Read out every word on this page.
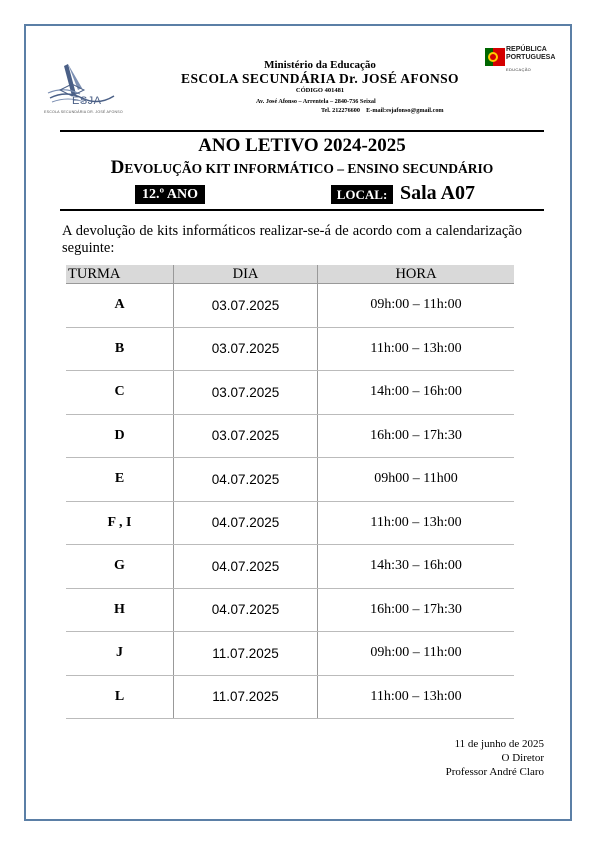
ESJA
ESCOLA SECUNDÁRIA DR. JOSÉ AFONSO
Ministério da Educação
ESCOLA SECUNDÁRIA Dr. JOSÉ AFONSO
CÓDIGO 401481
Av. José Afonso – Arrentela – 2840-736 Seixal
Tel. 212276600 E-mail:esjafonso@gmail.com
REPÚBLICA
PORTUGUESA
EDUCAÇÃO
ANO LETIVO 2024-2025
DEVOLUÇÃO KIT INFORMÁTICO – ENSINO SECUNDÁRIO
12.º ANO	LOCAL: Sala A07
A devolução de kits informáticos realizar-se-á de acordo com a calendarização seguinte:
TURMA	DIA	HORA
A	03.07.2025	09h:00 – 11h:00
B	03.07.2025	11h:00 – 13h:00
C	03.07.2025	14h:00 – 16h:00
D	03.07.2025	16h:00 – 17h:30
E	04.07.2025	09h00 – 11h00
F , I	04.07.2025	11h:00 – 13h:00
G	04.07.2025	14h:30 – 16h:00
H	04.07.2025	16h:00 – 17h:30
J	11.07.2025	09h:00 – 11h:00
L	11.07.2025	11h:00 – 13h:00
11 de junho de 2025
O Diretor
Professor André Claro
